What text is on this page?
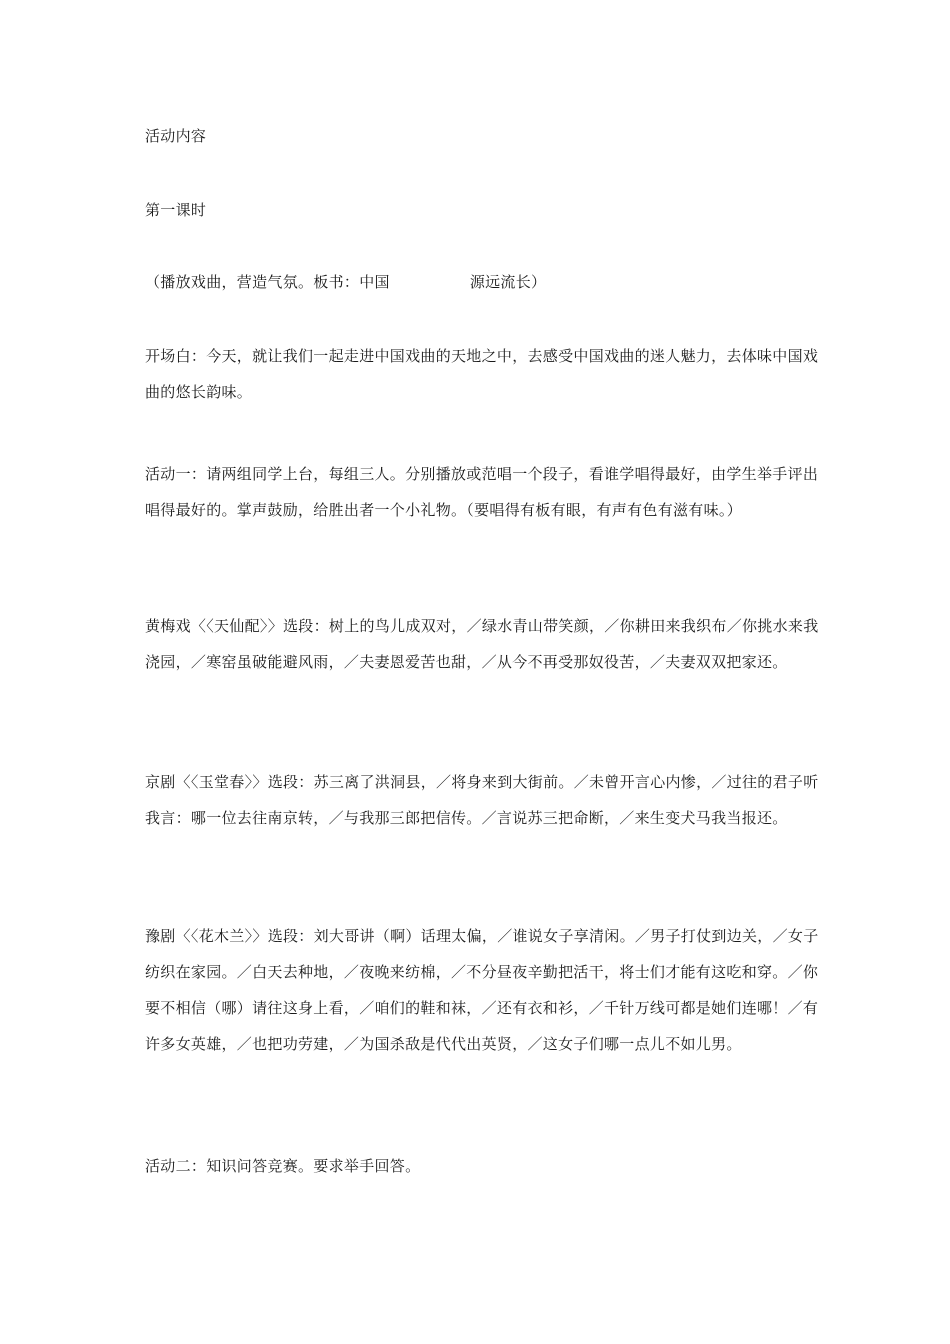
活动内容

第一课时

（播放戏曲，营造气氛。板书：中国	源远流长）

开场白：今天，就让我们一起走进中国戏曲的天地之中，去感受中国戏曲的迷人魅力，去体味中国戏曲的悠长韵味。

活动一：请两组同学上台，每组三人。分别播放或范唱一个段子，看谁学唱得最好，由学生举手评出唱得最好的。掌声鼓励，给胜出者一个小礼物。（要唱得有板有眼，有声有色有滋有味。）

黄梅戏〈〈天仙配〉〉选段：树上的鸟儿成双对，／绿水青山带笑颜，／你耕田来我织布／你挑水来我浇园，／寒窑虽破能避风雨，／夫妻恩爱苦也甜，／从今不再受那奴役苦，／夫妻双双把家还。

京剧〈〈玉堂春〉〉选段：苏三离了洪洞县，／将身来到大街前。／未曾开言心内惨，／过往的君子听我言：哪一位去往南京转，／与我那三郎把信传。／言说苏三把命断，／来生变犬马我当报还。

豫剧〈〈花木兰〉〉选段：刘大哥讲（啊）话理太偏，／谁说女子享清闲。／男子打仗到边关，／女子纺织在家园。／白天去种地，／夜晚来纺棉，／不分昼夜辛勤把活干，将士们才能有这吃和穿。／你要不相信（哪）请往这身上看，／咱们的鞋和袜，／还有衣和衫，／千针万线可都是她们连哪！／有许多女英雄，／也把功劳建，／为国杀敌是代代出英贤，／这女子们哪一点儿不如儿男。

活动二：知识问答竞赛。要求举手回答。
